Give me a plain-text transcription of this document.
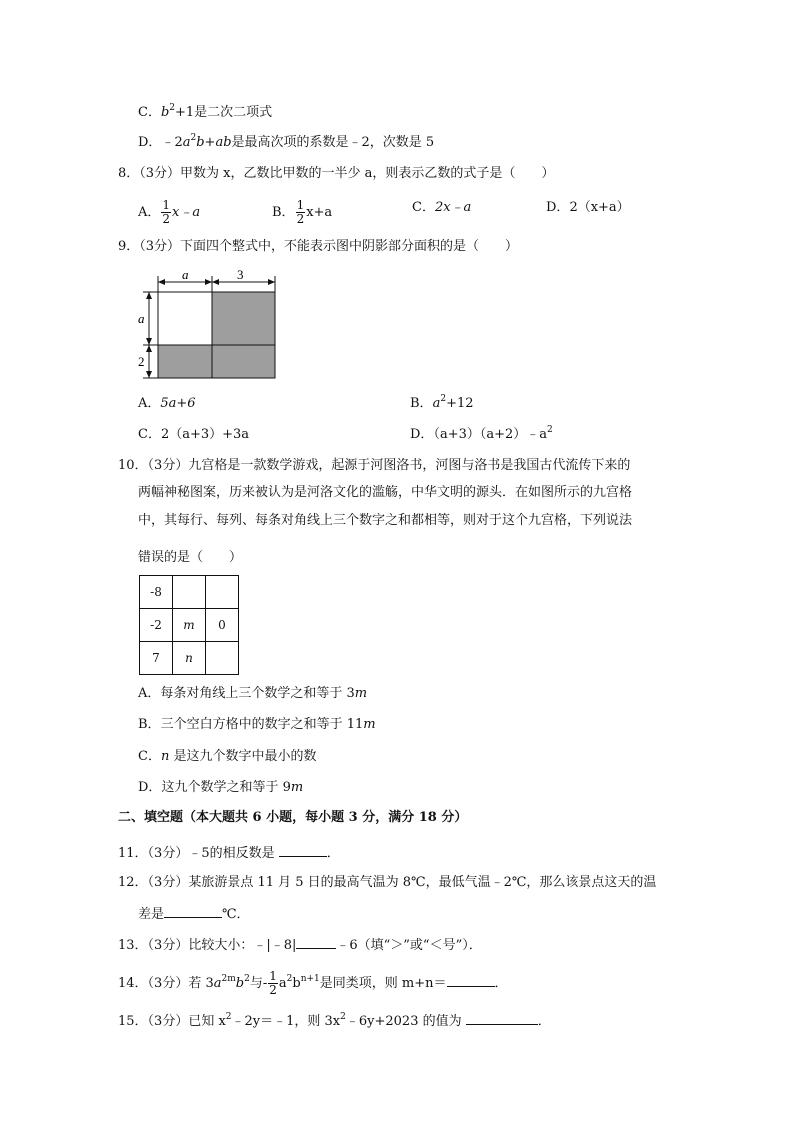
C．$b^2+1$是二次二项式
D．$﹣2a^2b+ab$是最高次项的系数是﹣2，次数是 5
8．（3分）甲数为 x，乙数比甲数的一半少 a，则表示乙数的式子是（　　）
A． $\frac{1}{2}$ x﹣a	B． $\frac{1}{2} x+a$	C．2x﹣a	D．2（x+a）
9．（3分）下面四个整式中，不能表示图中阴影部分面积的是（　　）
a	3
a
2
A．5a+6	B．$a^2+12$
C．2（a+3）+3a	D．$(a+3)(a+2)﹣a^2$
10．（3分）九宫格是一款数学游戏，起源于河图洛书，河图与洛书是我国古代流传下来的
两幅神秘图案，历来被认为是河洛文化的滥觞，中华文明的源头．在如图所示的九宫格
中，其每行、每列、每条对角线上三个数字之和都相等，则对于这个九宫格，下列说法
错误的是（　　）
-8		
-2	m	0
7	n	
A．每条对角线上三个数学之和等于 3m
B．三个空白方格中的数字之和等于 11m
C．n 是这九个数字中最小的数
D．这九个数学之和等于 9m
二、填空题（本大题共 6 小题，每小题 3 分，满分 18 分）
11．（3分）﹣5的相反数是	．
12．（3分）某旅游景点 11 月 5 日的最高气温为 8℃，最低气温﹣2℃，那么该景点这天的温
差是	℃．
13．（3分）比较大小：﹣|﹣8|	﹣6（填“＞”或“＜号”）．
14．（3分）若 $3a^{2m}b^2$与- $\frac{1}{2} a^2b^{n+1}$是同类项，则 m+n＝	．
15．（3分）已知 $x^2﹣2y=﹣1$，则 $3x^2﹣6y+2023$ 的值为	．
